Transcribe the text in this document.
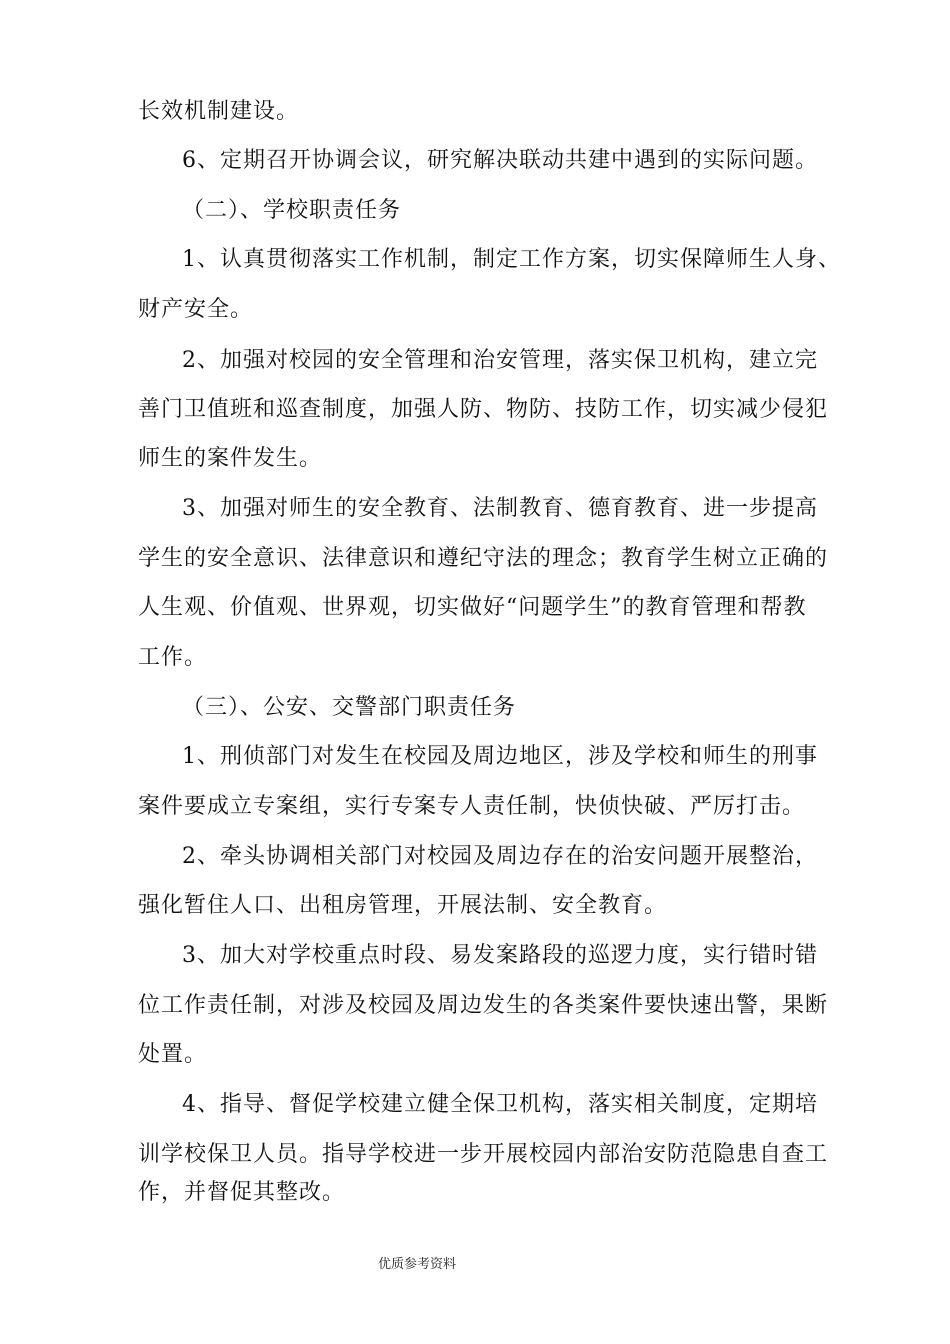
长效机制建设。

6、定期召开协调会议，研究解决联动共建中遇到的实际问题。

（二）、学校职责任务

1、认真贯彻落实工作机制，制定工作方案，切实保障师生人身、

财产安全。

2、加强对校园的安全管理和治安管理，落实保卫机构，建立完

善门卫值班和巡查制度，加强人防、物防、技防工作，切实减少侵犯

师生的案件发生。

3、加强对师生的安全教育、法制教育、德育教育、进一步提高

学生的安全意识、法律意识和遵纪守法的理念；教育学生树立正确的

人生观、价值观、世界观，切实做好“问题学生”的教育管理和帮教

工作。

（三）、公安、交警部门职责任务

1、刑侦部门对发生在校园及周边地区，涉及学校和师生的刑事

案件要成立专案组，实行专案专人责任制，快侦快破、严厉打击。

2、牵头协调相关部门对校园及周边存在的治安问题开展整治，

强化暂住人口、出租房管理，开展法制、安全教育。

3、加大对学校重点时段、易发案路段的巡逻力度，实行错时错

位工作责任制，对涉及校园及周边发生的各类案件要快速出警，果断

处置。

4、指导、督促学校建立健全保卫机构，落实相关制度，定期培

训学校保卫人员。指导学校进一步开展校园内部治安防范隐患自查工

作，并督促其整改。

优质参考资料
